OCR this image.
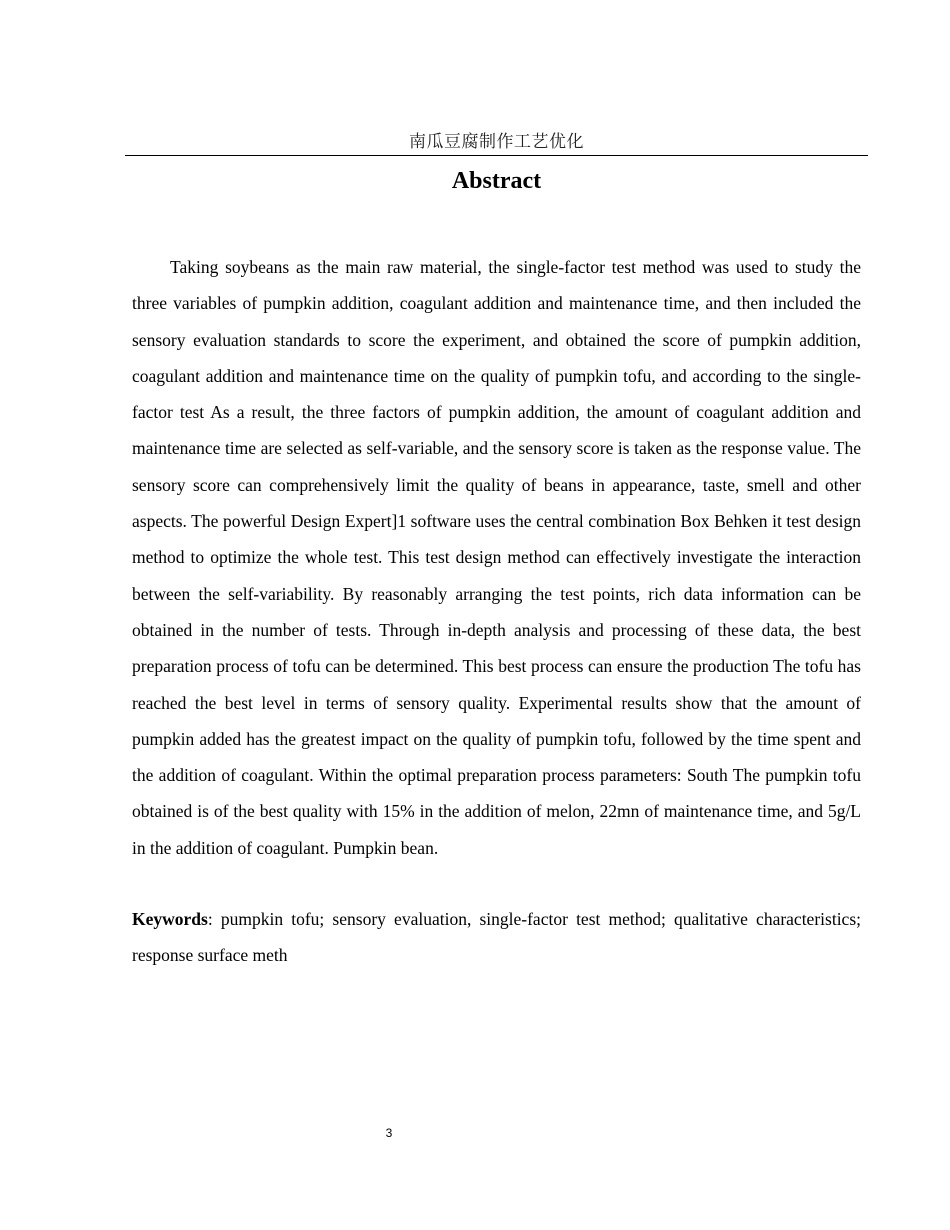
南瓜豆腐制作工艺优化
Abstract

Taking soybeans as the main raw material, the single-factor test method was used to study the three variables of pumpkin addition, coagulant addition and maintenance time, and then included the sensory evaluation standards to score the experiment, and obtained the score of pumpkin addition, coagulant addition and maintenance time on the quality of pumpkin tofu, and according to the single-factor test As a result, the three factors of pumpkin addition, the amount of coagulant addition and maintenance time are selected as self-variable, and the sensory score is taken as the response value. The sensory score can comprehensively limit the quality of beans in appearance, taste, smell and other aspects. The powerful Design Expert]1 software uses the central combination Box Behken it test design method to optimize the whole test. This test design method can effectively investigate the interaction between the self-variability. By reasonably arranging the test points, rich data information can be obtained in the number of tests. Through in-depth analysis and processing of these data, the best preparation process of tofu can be determined. This best process can ensure the production The tofu has reached the best level in terms of sensory quality. Experimental results show that the amount of pumpkin added has the greatest impact on the quality of pumpkin tofu, followed by the time spent and the addition of coagulant. Within the optimal preparation process parameters: South The pumpkin tofu obtained is of the best quality with 15% in the addition of melon, 22mn of maintenance time, and 5g/L in the addition of coagulant. Pumpkin bean.

Keywords: pumpkin tofu; sensory evaluation, single-factor test method; qualitative characteristics; response surface meth

3
